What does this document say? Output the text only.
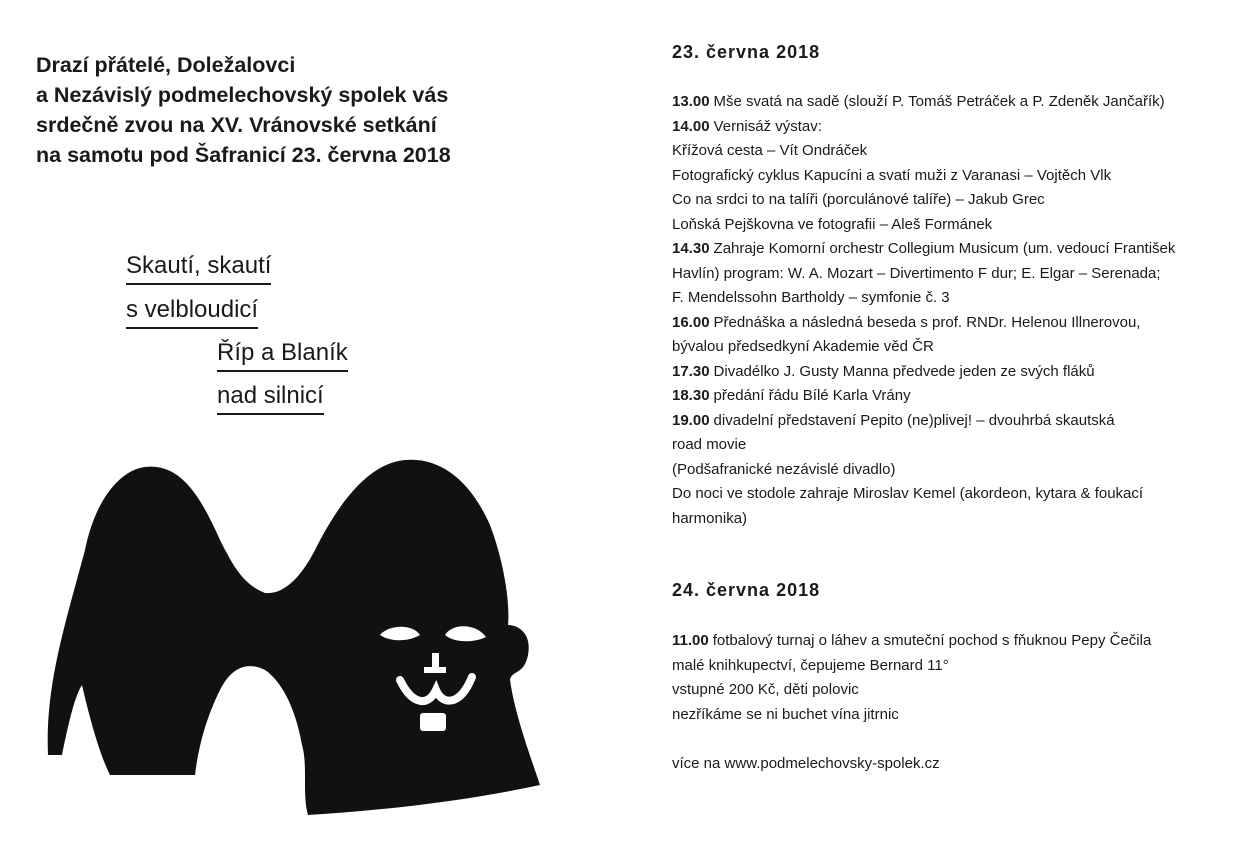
Drazí přátelé, Doležalovci
a Nezávislý podmelechovský spolek vás
srdečně zvou na XV. Vránovské setkání
na samotu pod Šafranicí 23. června 2018

Skautí, skautí
s velbloudicí
Říp a Blaník
nad silnicí
23. června 2018
13.00 Mše svatá na sadě (slouží P. Tomáš Petráček a P. Zdeněk Jančařík)
14.00 Vernisáž výstav:
Křížová cesta – Vít Ondráček
Fotografický cyklus Kapucíni a svatí muži z Varanasi – Vojtěch Vlk
Co na srdci to na talíři (porculánové talíře) – Jakub Grec
Loňská Pejškovna ve fotografii – Aleš Formánek
14.30 Zahraje Komorní orchestr Collegium Musicum (um. vedoucí František
Havlín) program: W. A. Mozart – Divertimento F dur; E. Elgar – Serenada;
F. Mendelssohn Bartholdy – symfonie č. 3
16.00 Přednáška a následná beseda s prof. RNDr. Helenou Illnerovou,
bývalou předsedkyní Akademie věd ČR
17.30 Divadélko J. Gusty Manna předvede jeden ze svých fláků
18.30 předání řádu Bílé Karla Vrány
19.00 divadelní představení Pepito (ne)plivej! – dvouhrbá skautská
road movie
(Podšafranické nezávislé divadlo)
Do noci ve stodole zahraje Miroslav Kemel (akordeon, kytara & foukací
harmonika)
24. června 2018
11.00 fotbalový turnaj o láhev a smuteční pochod s fňuknou Pepy Čečila
malé knihkupectví, čepujeme Bernard 11°
vstupné 200 Kč, děti polovic
nezříkáme se ni buchet vína jitrnic
více na www.podmelechovsky-spolek.cz
